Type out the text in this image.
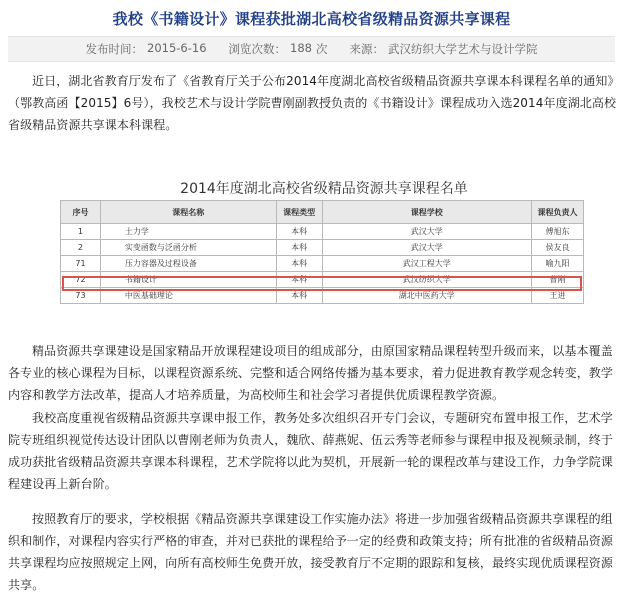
我校《书籍设计》课程获批湖北高校省级精品资源共享课程
发布时间： 2015-6-16 浏览次数： 188 次 来源： 武汉纺织大学艺术与设计学院

近日，湖北省教育厅发布了《省教育厅关于公布2014年度湖北高校省级精品资源共享课本科课程名单的通知》（鄂教高函【2015】6号），我校艺术与设计学院曹刚副教授负责的《书籍设计》课程成功入选2014年度湖北高校省级精品资源共享课本科课程。

2014年度湖北高校省级精品资源共享课程名单
序号	课程名称	课程类型	课程学校	课程负责人
1	土力学	本科	武汉大学	傅旭东
2	实变函数与泛函分析	本科	武汉大学	侯友良
71	压力容器及过程设备	本科	武汉工程大学	喻九阳
72	书籍设计	本科	武汉纺织大学	曹刚
73	中医基础理论	本科	湖北中医药大学	王进

精品资源共享课建设是国家精品开放课程建设项目的组成部分，由原国家精品课程转型升级而来，以基本覆盖各专业的核心课程为目标，以课程资源系统、完整和适合网络传播为基本要求，着力促进教育教学观念转变，教学内容和教学方法改革，提高人才培养质量，为高校师生和社会学习者提供优质课程教学资源。

我校高度重视省级精品资源共享课申报工作，教务处多次组织召开专门会议，专题研究布置申报工作，艺术学院专班组织视觉传达设计团队以曹刚老师为负责人，魏欣、薛燕妮、伍云秀等老师参与课程申报及视频录制，终于成功获批省级精品资源共享课本科课程，艺术学院将以此为契机，开展新一轮的课程改革与建设工作，力争学院课程建设再上新台阶。

按照教育厅的要求，学校根据《精品资源共享课建设工作实施办法》将进一步加强省级精品资源共享课程的组织和制作，对课程内容实行严格的审查，并对已获批的课程给予一定的经费和政策支持；所有批准的省级精品资源共享课程均应按照规定上网，向所有高校师生免费开放，接受教育厅不定期的跟踪和复核，最终实现优质课程资源共享。
